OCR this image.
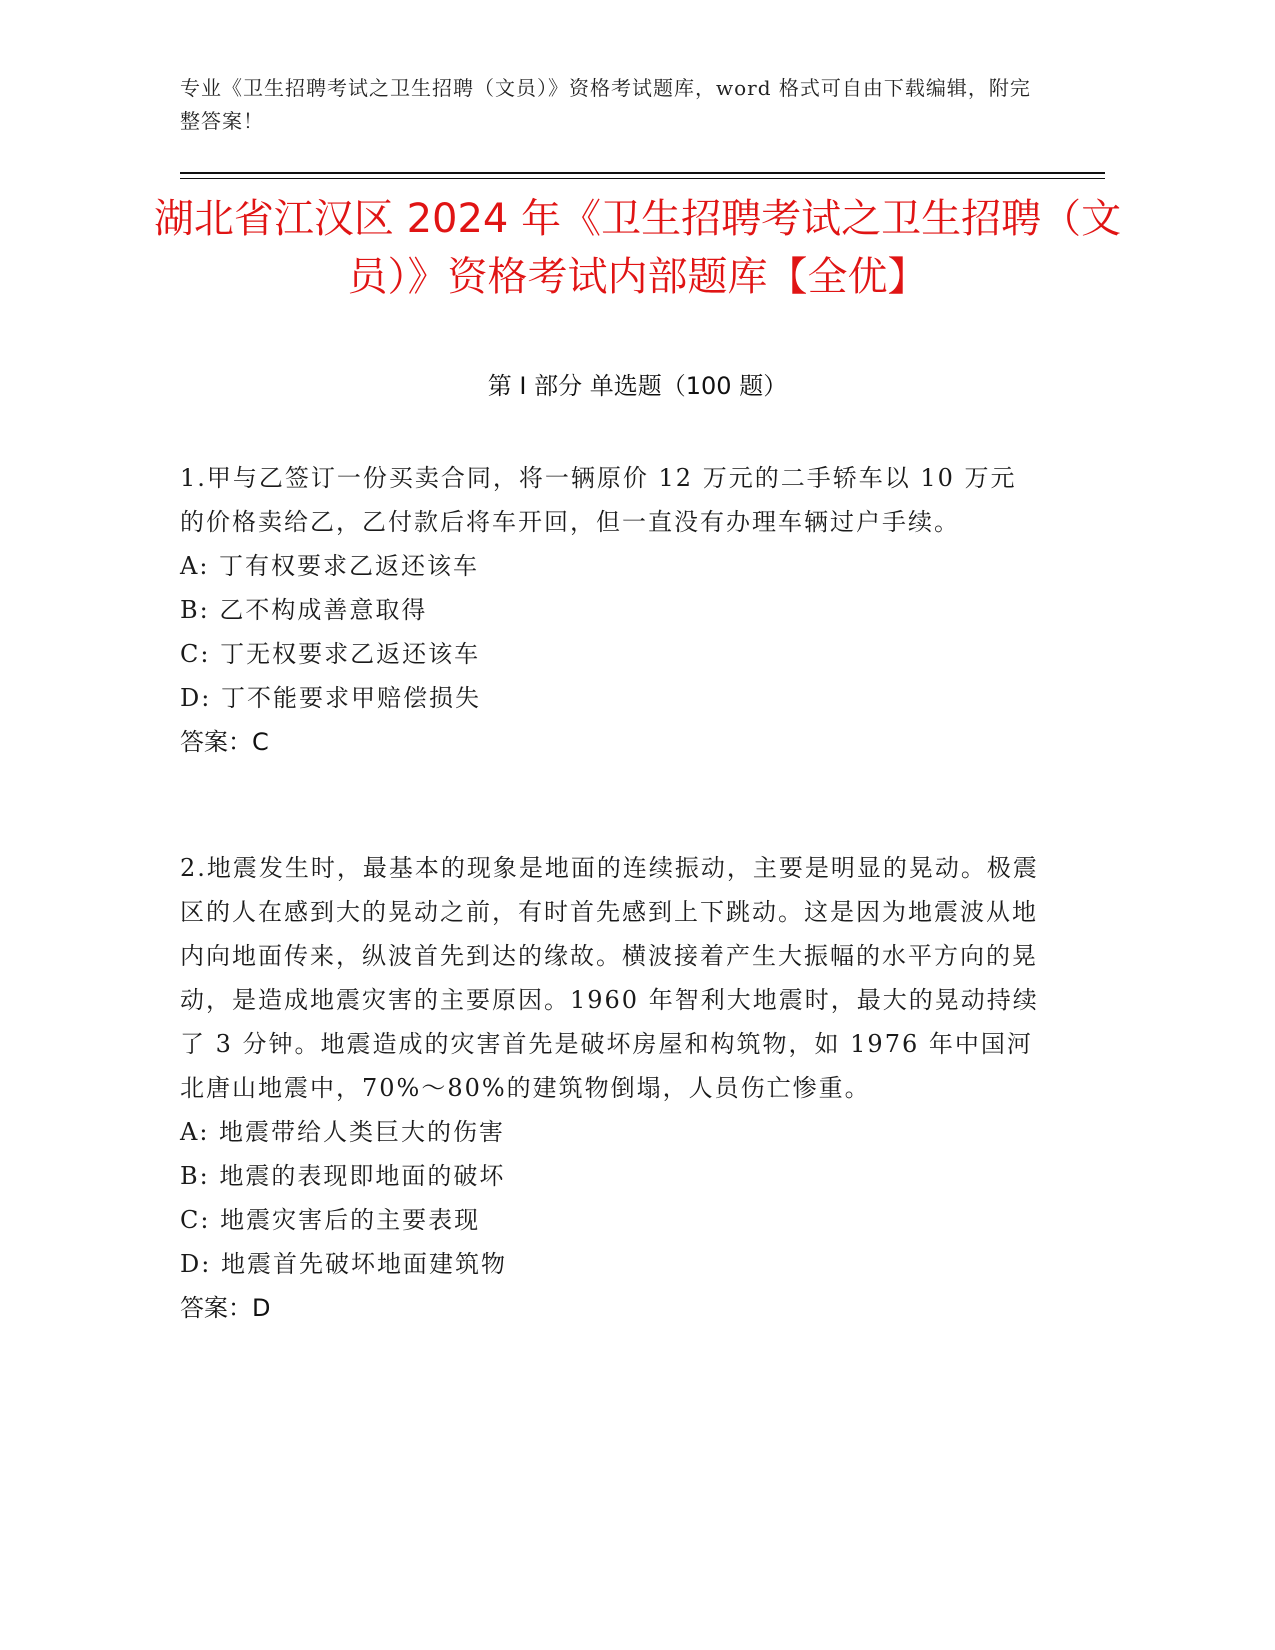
专业《卫生招聘考试之卫生招聘（文员）》资格考试题库，word 格式可自由下载编辑，附完整答案！
湖北省江汉区 2024 年《卫生招聘考试之卫生招聘（文员）》资格考试内部题库【全优】
第 I 部分 单选题（100 题）

1.甲与乙签订一份买卖合同，将一辆原价 12 万元的二手轿车以 10 万元的价格卖给乙，乙付款后将车开回，但一直没有办理车辆过户手续。

A: 丁有权要求乙返还该车

B: 乙不构成善意取得

C: 丁无权要求乙返还该车

D: 丁不能要求甲赔偿损失

答案：C

2.地震发生时，最基本的现象是地面的连续振动，主要是明显的晃动。极震区的人在感到大的晃动之前，有时首先感到上下跳动。这是因为地震波从地内向地面传来，纵波首先到达的缘故。横波接着产生大振幅的水平方向的晃动，是造成地震灾害的主要原因。1960 年智利大地震时，最大的晃动持续了 3 分钟。地震造成的灾害首先是破坏房屋和构筑物，如 1976 年中国河北唐山地震中，70%～80%的建筑物倒塌，人员伤亡惨重。

A: 地震带给人类巨大的伤害

B: 地震的表现即地面的破坏

C: 地震灾害后的主要表现

D: 地震首先破坏地面建筑物

答案：D
